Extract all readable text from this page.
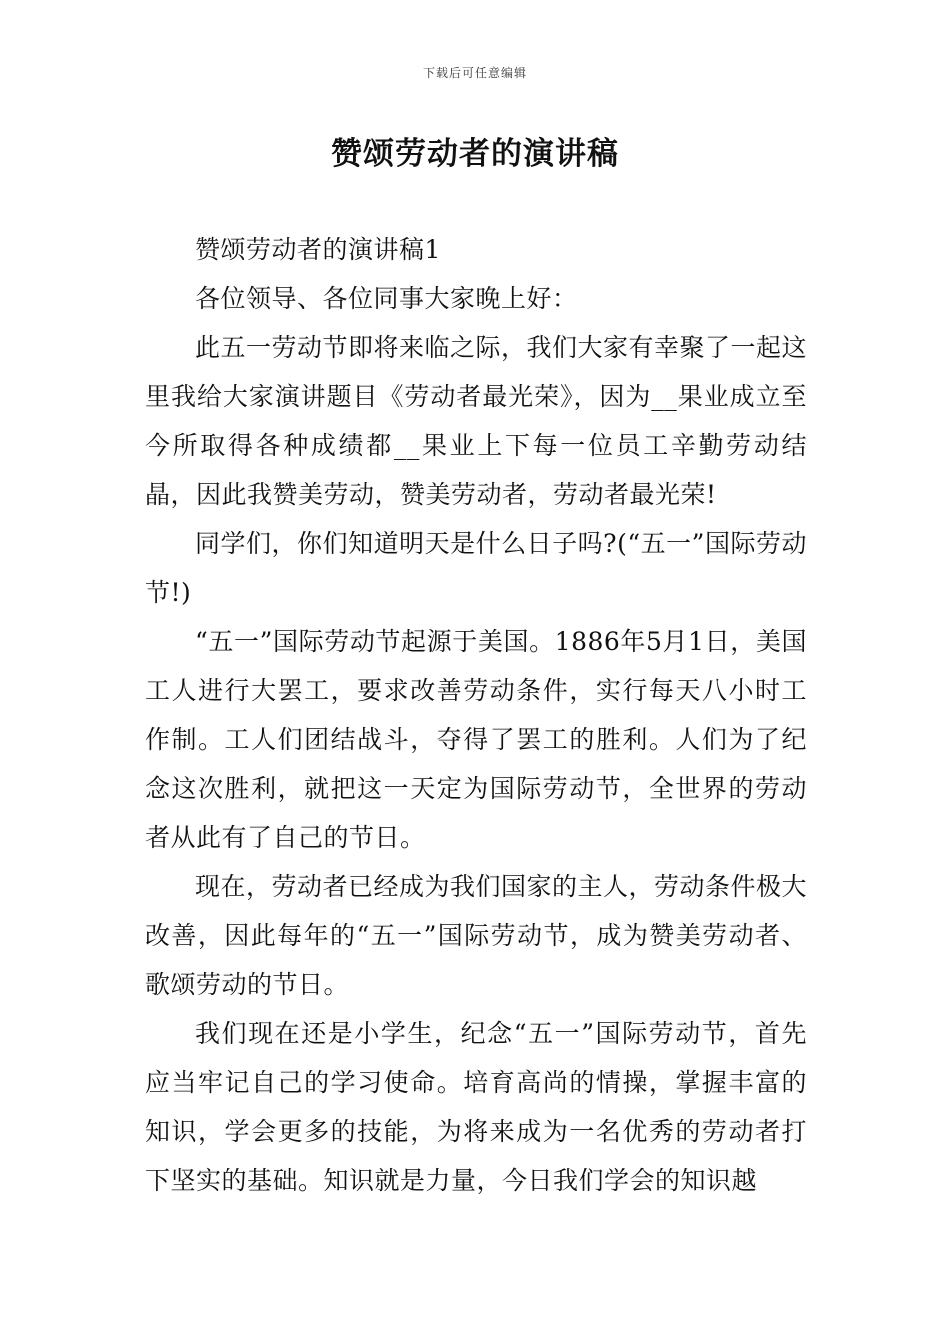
下载后可任意编辑
赞颂劳动者的演讲稿

赞颂劳动者的演讲稿1

各位领导、各位同事大家晚上好：

此五一劳动节即将来临之际，我们大家有幸聚了一起这里我给大家演讲题目《劳动者最光荣》，因为__果业成立至今所取得各种成绩都__果业上下每一位员工辛勤劳动结晶，因此我赞美劳动，赞美劳动者，劳动者最光荣!

同学们，你们知道明天是什么日子吗?(“五一”国际劳动节!)

“五一”国际劳动节起源于美国。1886年5月1日，美国工人进行大罢工，要求改善劳动条件，实行每天八小时工作制。工人们团结战斗，夺得了罢工的胜利。人们为了纪念这次胜利，就把这一天定为国际劳动节，全世界的劳动者从此有了自己的节日。

现在，劳动者已经成为我们国家的主人，劳动条件极大改善，因此每年的“五一”国际劳动节，成为赞美劳动者、歌颂劳动的节日。

我们现在还是小学生，纪念“五一”国际劳动节，首先应当牢记自己的学习使命。培育高尚的情操，掌握丰富的知识，学会更多的技能，为将来成为一名优秀的劳动者打下坚实的基础。知识就是力量，今日我们学会的知识越
